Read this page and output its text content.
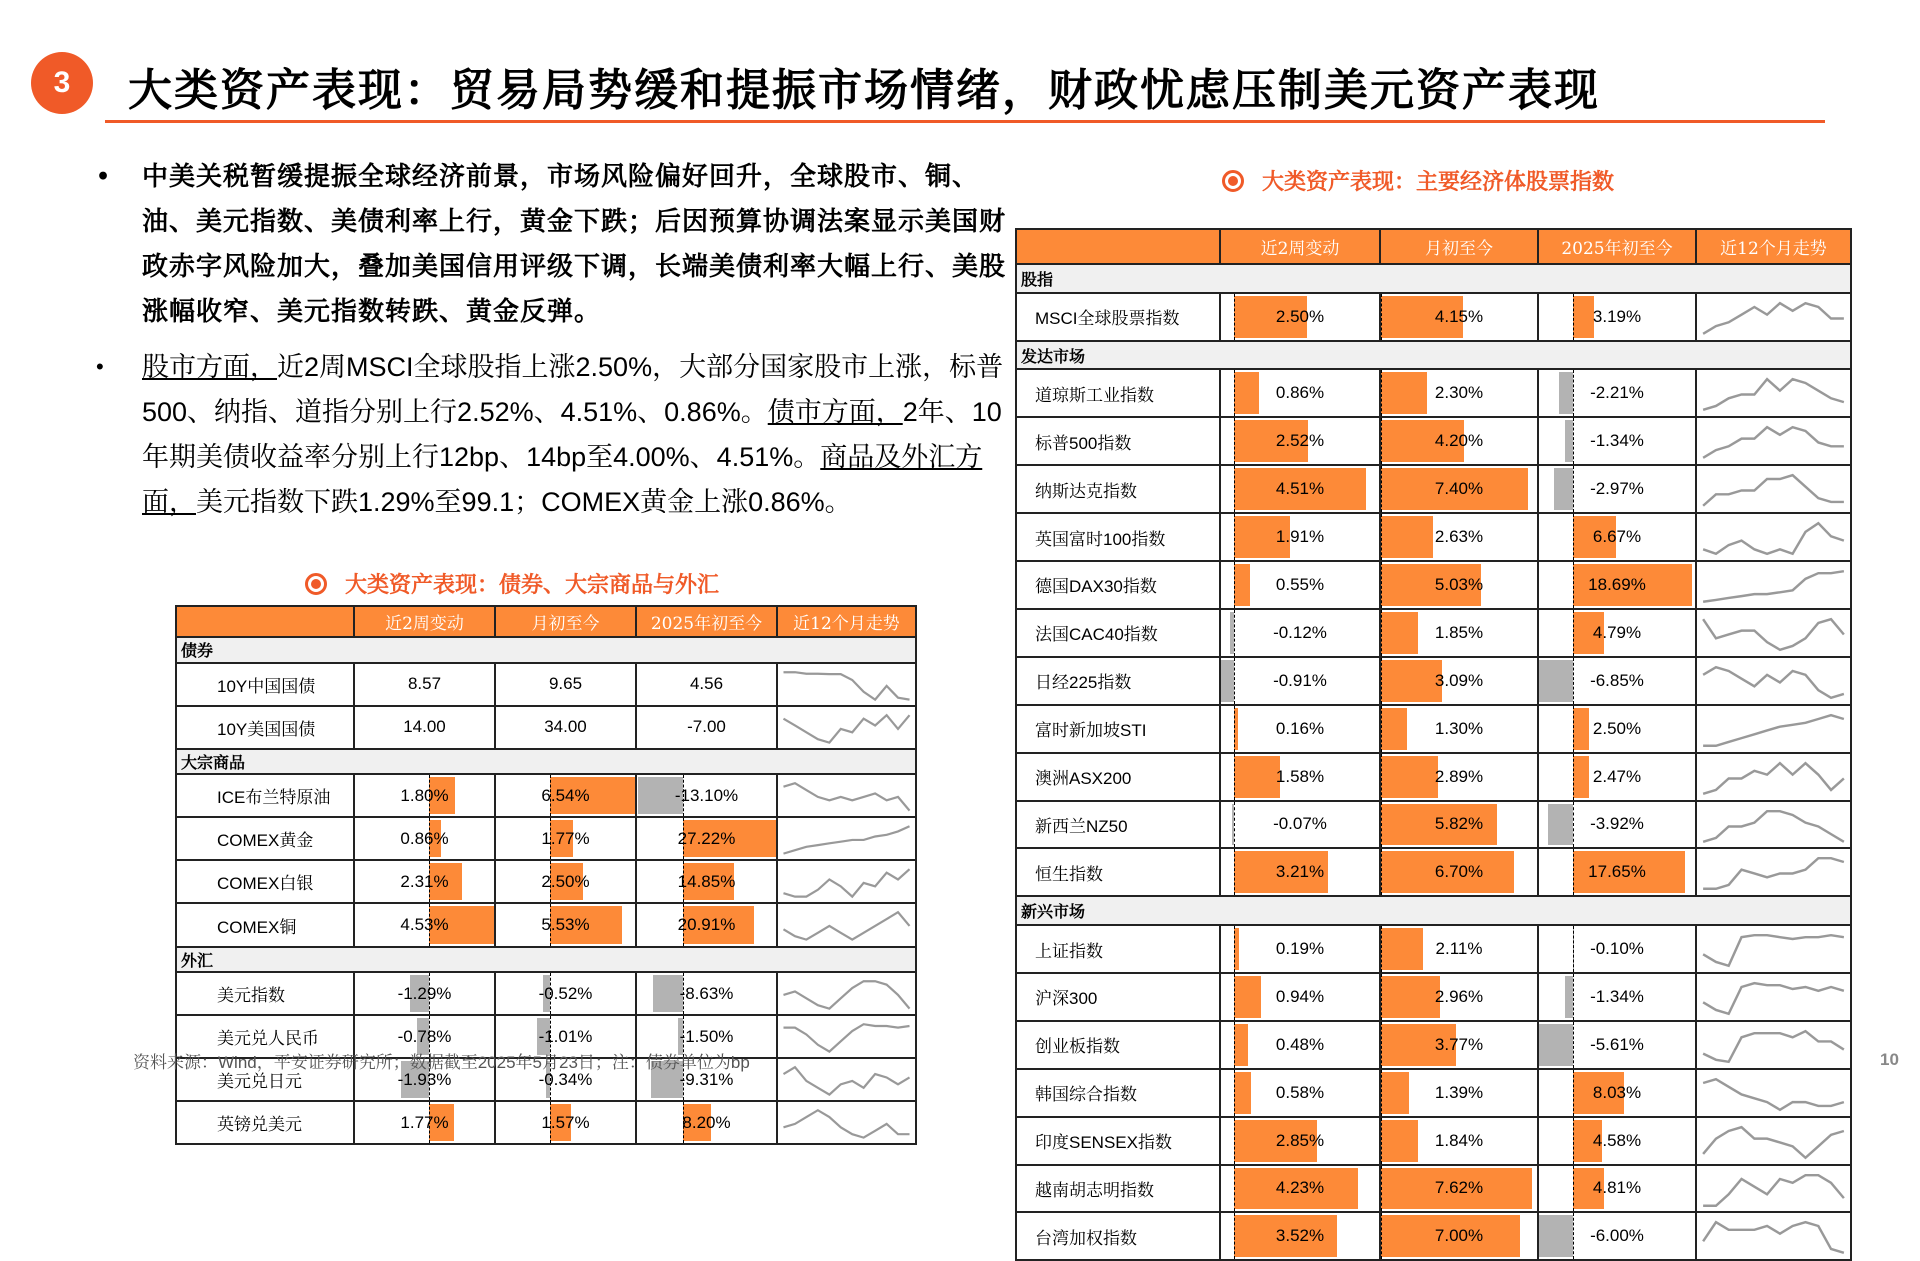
3 大类资产表现：贸易局势缓和提振市场情绪，财政忧虑压制美元资产表现
• 中美关税暂缓提振全球经济前景，市场风险偏好回升，全球股市、铜、油、美元指数、美债利率上行，黄金下跌；后因预算协调法案显示美国财政赤字风险加大，叠加美国信用评级下调，长端美债利率大幅上行、美股涨幅收窄、美元指数转跌、黄金反弹。
• 股市方面，近2周MSCI全球股指上涨2.50%，大部分国家股市上涨，标普500、纳指、道指分别上行2.52%、4.51%、0.86%。债市方面，2年、10年期美债收益率分别上行12bp、14bp至4.00%、4.51%。商品及外汇方面，美元指数下跌1.29%至99.1；COMEX黄金上涨0.86%。
大类资产表现：债券、大宗商品与外汇
大类资产表现：主要经济体股票指数
	近2周变动	月初至今	2025年初至今	近12个月走势
债券				
10Y中国国债	8.57	9.65	4.56	

10Y美国国债	14.00	34.00	-7.00	

大宗商品				
ICE布兰特原油	1.80%	6.54%	-13.10%	

COMEX黄金	0.86%	1.77%	27.22%	

COMEX白银	2.31%	2.50%	14.85%	

COMEX铜	4.53%	5.53%	20.91%	

外汇				
美元指数	-1.29%	-0.52%	-8.63%	

美元兑人民币	-0.78%	-1.01%	-1.50%	

美元兑日元	-1.93%	-0.34%	-9.31%	

英镑兑美元	1.77%	1.57%	8.20%	
	近2周变动	月初至今	2025年初至今	近12个月走势
股指				
MSCI全球股票指数	2.50%	4.15%	3.19%	

发达市场				
道琼斯工业指数	0.86%	2.30%	-2.21%	

标普500指数	2.52%	4.20%	-1.34%	

纳斯达克指数	4.51%	7.40%	-2.97%	

英国富时100指数	1.91%	2.63%	6.67%	

德国DAX30指数	0.55%	5.03%	18.69%	

法国CAC40指数	-0.12%	1.85%	4.79%	

日经225指数	-0.91%	3.09%	-6.85%	

富时新加坡STI	0.16%	1.30%	2.50%	

澳洲ASX200	1.58%	2.89%	2.47%	

新西兰NZ50	-0.07%	5.82%	-3.92%	

恒生指数	3.21%	6.70%	17.65%	

新兴市场				
上证指数	0.19%	2.11%	-0.10%	

沪深300	0.94%	2.96%	-1.34%	

创业板指数	0.48%	3.77%	-5.61%	

韩国综合指数	0.58%	1.39%	8.03%	

印度SENSEX指数	2.85%	1.84%	4.58%	

越南胡志明指数	4.23%	7.62%	4.81%	

台湾加权指数	3.52%	7.00%	-6.00%	
资料来源：Wind，平安证券研究所；数据截至2025年5月23日；注：债券单位为bp	10
